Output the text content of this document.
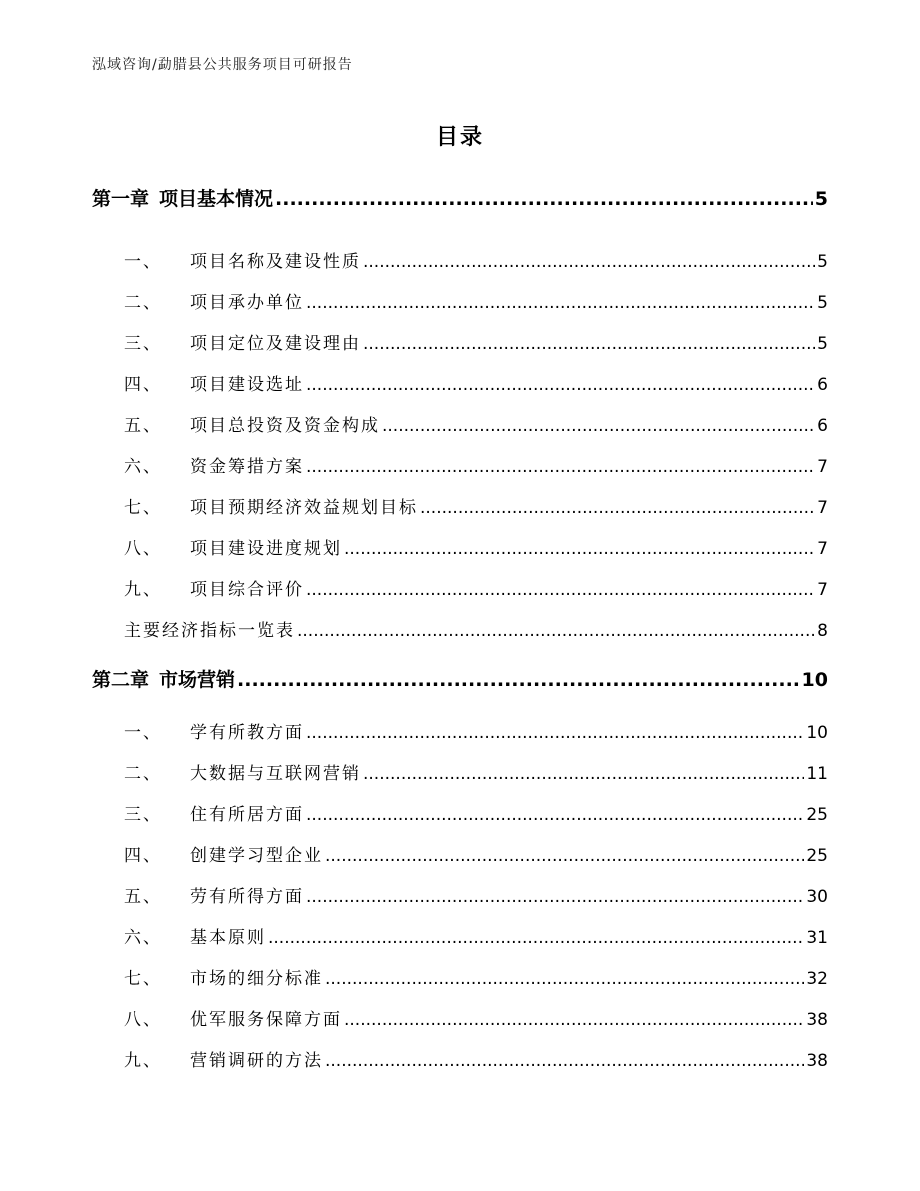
泓域咨询/勐腊县公共服务项目可研报告
目录
第一章 项目基本情况 .....	5
一、 项目名称及建设性质 .....	5
二、 项目承办单位 .....	5
三、 项目定位及建设理由 .....	5
四、 项目建设选址 .....	6
五、 项目总投资及资金构成 .....	6
六、 资金筹措方案 .....	7
七、 项目预期经济效益规划目标 .....	7
八、 项目建设进度规划 .....	7
九、 项目综合评价 .....	7
主要经济指标一览表 .....	8
第二章 市场营销 .....	10
一、 学有所教方面 .....	10
二、 大数据与互联网营销 .....	11
三、 住有所居方面 .....	25
四、 创建学习型企业 .....	25
五、 劳有所得方面 .....	30
六、 基本原则 .....	31
七、 市场的细分标准 .....	32
八、 优军服务保障方面 .....	38
九、 营销调研的方法 .....	38
